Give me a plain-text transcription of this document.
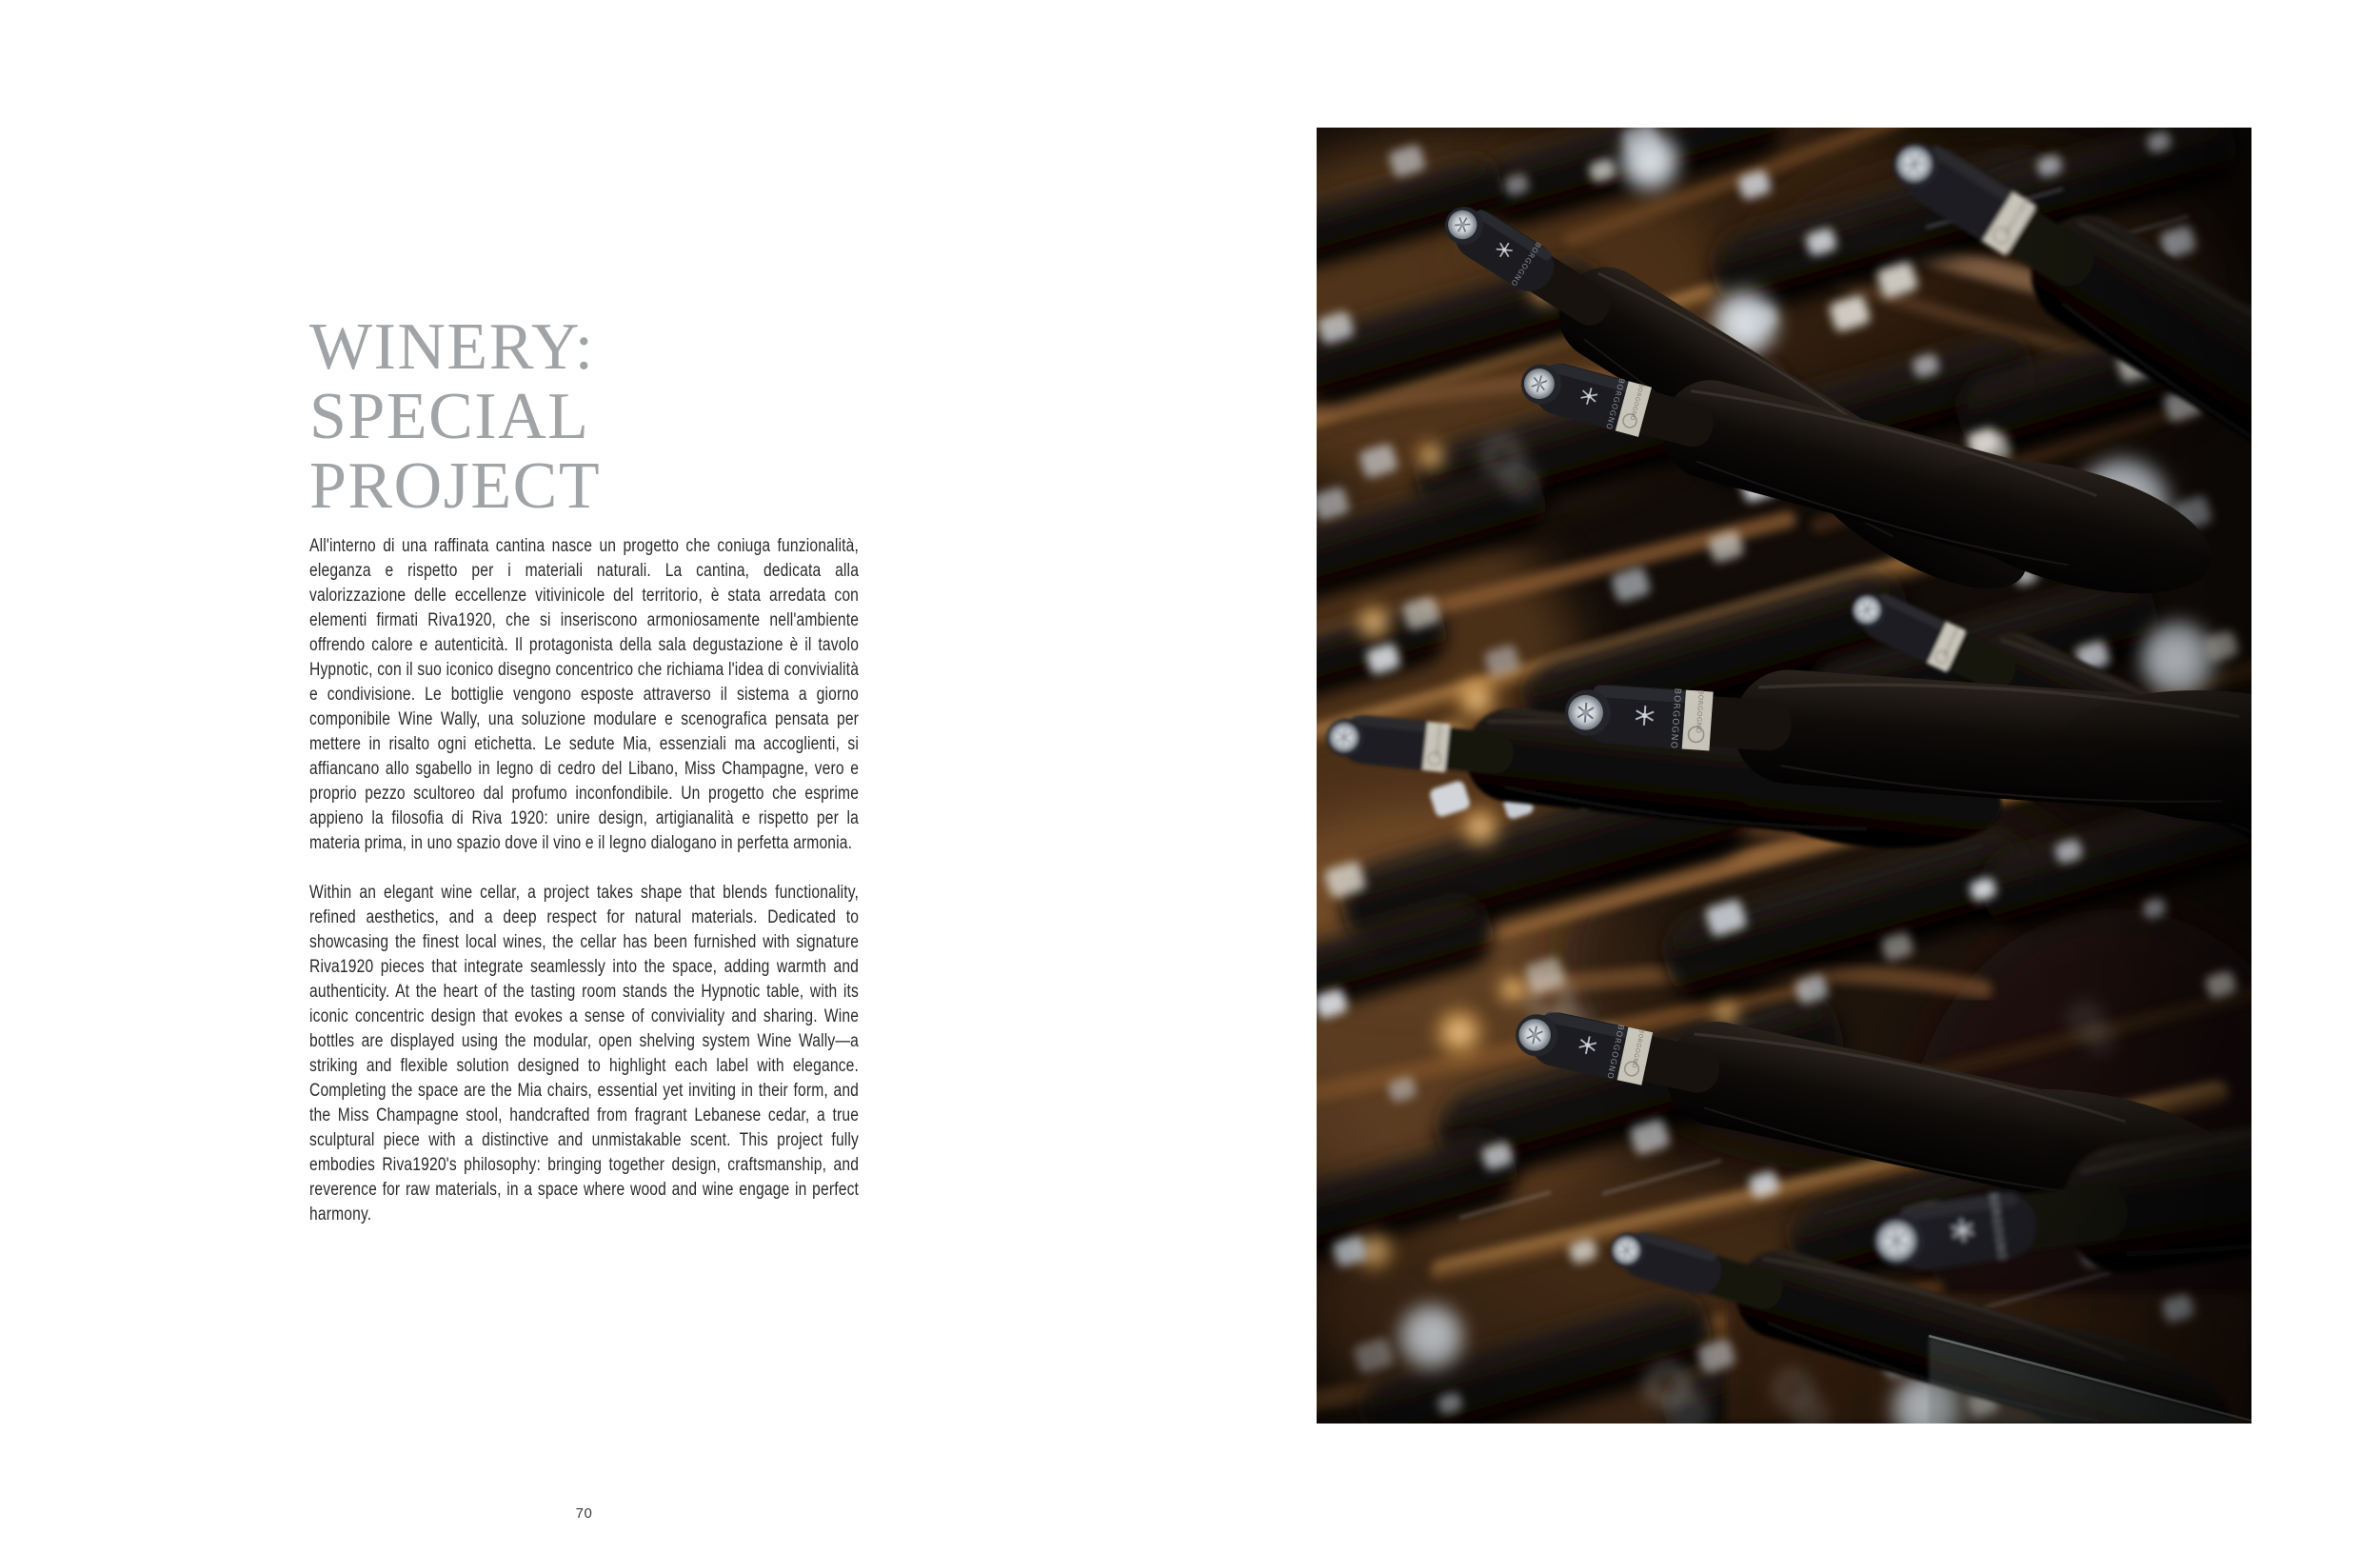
WINERY:
SPECIAL
PROJECT

All'interno di una raffinata cantina nasce un progetto che coniuga funzionalità, eleganza e rispetto per i materiali naturali. La cantina, dedicata alla valorizzazione delle eccellenze vitivinicole del territorio, è stata arredata con elementi firmati Riva1920, che si inseriscono armoniosamente nell'ambiente offrendo calore e autenticità. Il protagonista della sala degustazione è il tavolo Hypnotic, con il suo iconico disegno concentrico che richiama l'idea di convivialità e condivisione. Le bottiglie vengono esposte attraverso il sistema a giorno componibile Wine Wally, una soluzione modulare e scenografica pensata per mettere in risalto ogni etichetta. Le sedute Mia, essenziali ma accoglienti, si affiancano allo sgabello in legno di cedro del Libano, Miss Champagne, vero e proprio pezzo scultoreo dal profumo inconfondibile. Un progetto che esprime appieno la filosofia di Riva 1920: unire design, artigianalità e rispetto per la materia prima, in uno spazio dove il vino e il legno dialogano in perfetta armonia.

Within an elegant wine cellar, a project takes shape that blends functionality, refined aesthetics, and a deep respect for natural materials. Dedicated to showcasing the finest local wines, the cellar has been furnished with signature Riva1920 pieces that integrate seamlessly into the space, adding warmth and authenticity. At the heart of the tasting room stands the Hypnotic table, with its iconic concentric design that evokes a sense of conviviality and sharing. Wine bottles are displayed using the modular, open shelving system Wine Wally—a striking and flexible solution designed to highlight each label with elegance. Completing the space are the Mia chairs, essential yet inviting in their form, and the Miss Champagne stool, handcrafted from fragrant Lebanese cedar, a true sculptural piece with a distinctive and unmistakable scent. This project fully embodies Riva1920's philosophy: bringing together design, craftsmanship, and reverence for raw materials, in a space where wood and wine engage in perfect harmony.

70
